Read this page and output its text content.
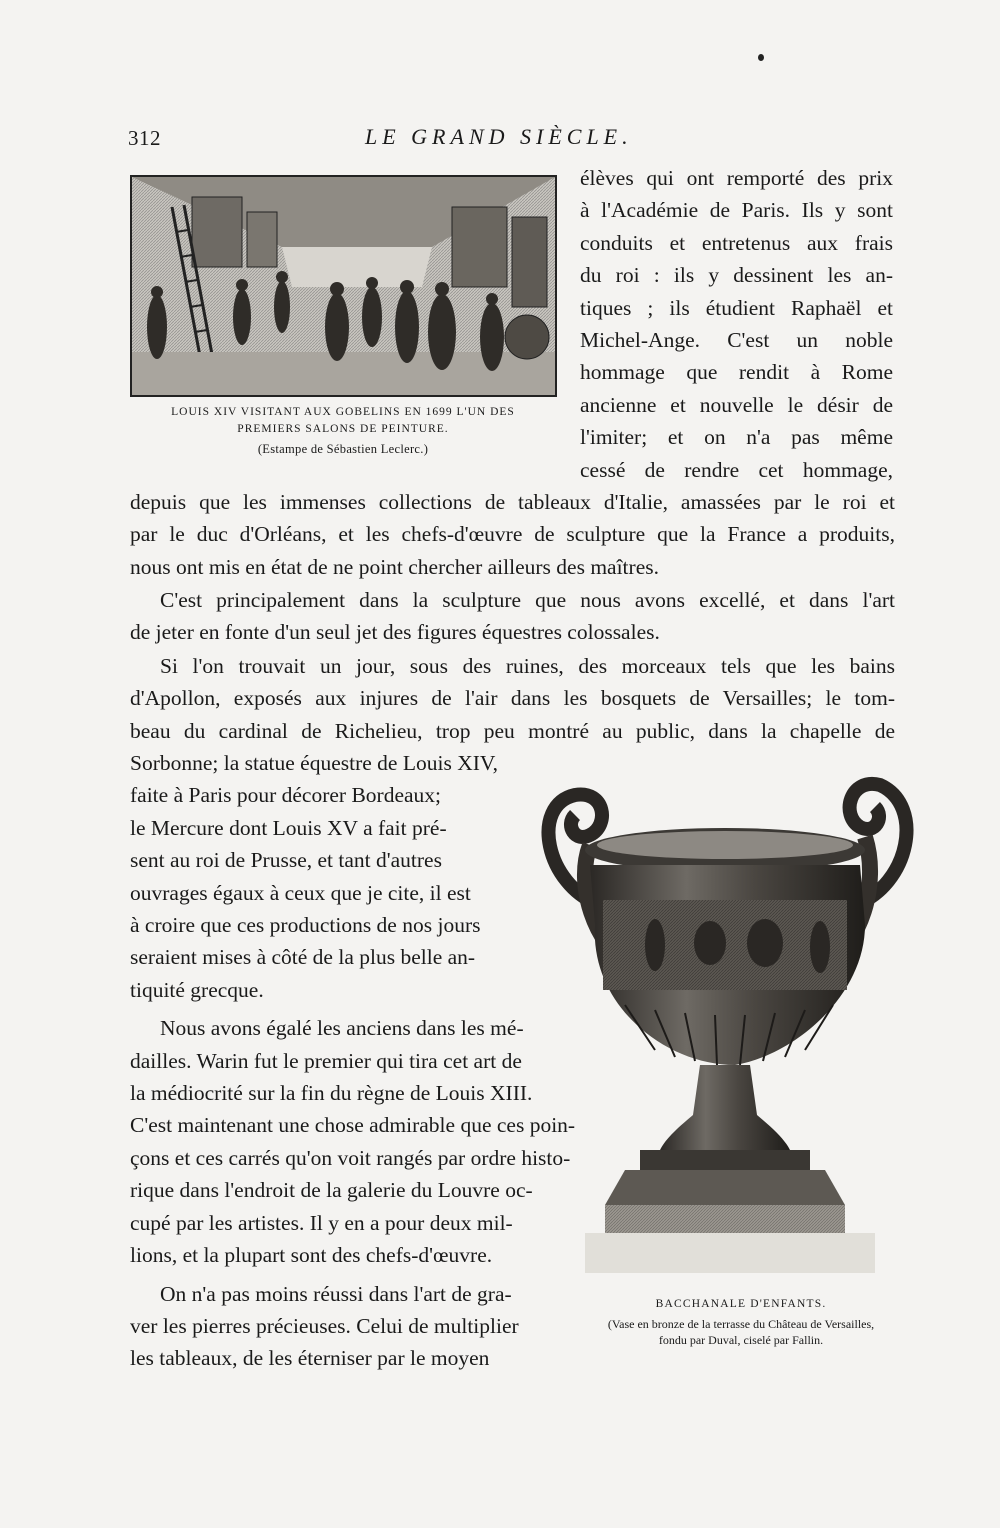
312	LE GRAND SIÈCLE.
LOUIS XIV VISITANT AUX GOBELINS EN 1699 L'UN DES
PREMIERS SALONS DE PEINTURE.
(Estampe de Sébastien Leclerc.)
élèves qui ont remporté des prix
à l'Académie de Paris. Ils y sont
conduits et entretenus aux frais
du roi : ils y dessinent les an-
tiques ; ils étudient Raphaël et
Michel-Ange. C'est un noble
hommage que rendit à Rome
ancienne et nouvelle le désir de
l'imiter; et on n'a pas même
cessé de rendre cet hommage,
depuis que les immenses collections de tableaux d'Italie, amassées par le roi et
par le duc d'Orléans, et les chefs-d'œuvre de sculpture que la France a produits,
nous ont mis en état de ne point chercher ailleurs des maîtres.
C'est principalement dans la sculpture que nous avons excellé, et dans l'art
de jeter en fonte d'un seul jet des figures équestres colossales.
Si l'on trouvait un jour, sous des ruines, des morceaux tels que les bains
d'Apollon, exposés aux injures de l'air dans les bosquets de Versailles; le tom-
beau du cardinal de Richelieu, trop peu montré au public, dans la chapelle de
Sorbonne; la statue équestre de Louis XIV,
faite à Paris pour décorer Bordeaux;
le Mercure dont Louis XV a fait pré-
sent au roi de Prusse, et tant d'autres
ouvrages égaux à ceux que je cite, il est
à croire que ces productions de nos jours
seraient mises à côté de la plus belle an-
tiquité grecque.
Nous avons égalé les anciens dans les mé-
dailles. Warin fut le premier qui tira cet art de
la médiocrité sur la fin du règne de Louis XIII.
C'est maintenant une chose admirable que ces poin-
çons et ces carrés qu'on voit rangés par ordre histo-
rique dans l'endroit de la galerie du Louvre oc-
cupé par les artistes. Il y en a pour deux mil-
lions, et la plupart sont des chefs-d'œuvre.
On n'a pas moins réussi dans l'art de gra-
ver les pierres précieuses. Celui de multiplier
les tableaux, de les éterniser par le moyen
BACCHANALE D'ENFANTS.
(Vase en bronze de la terrasse du Château de Versailles,
fondu par Duval, ciselé par Fallin.
